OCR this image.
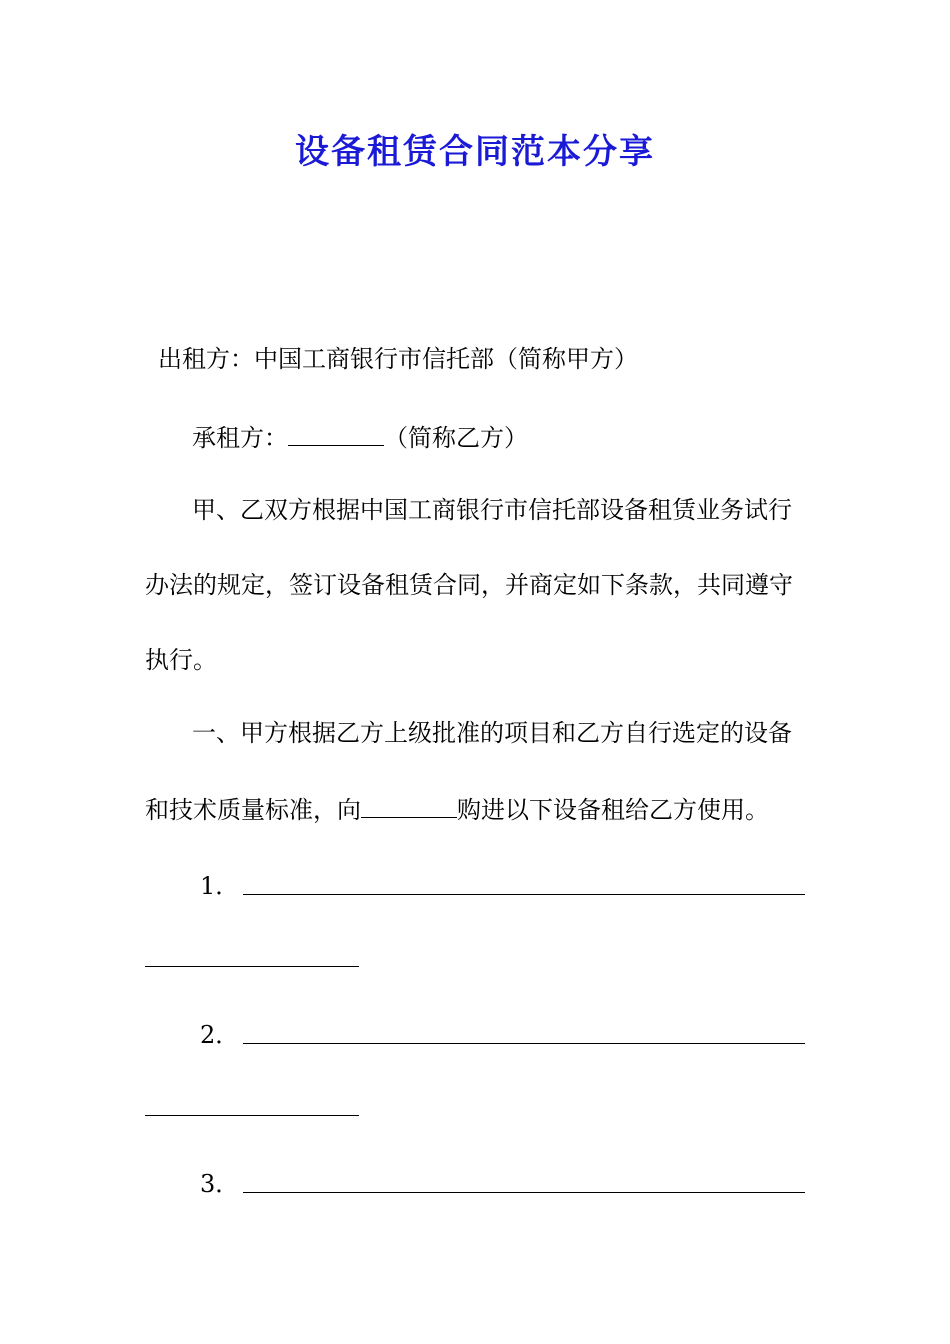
设备租赁合同范本分享
出租方：中国工商银行市信托部（简称甲方）
承租方：	（简称乙方）
甲、乙双方根据中国工商银行市信托部设备租赁业务试行
办法的规定，签订设备租赁合同，并商定如下条款，共同遵守
执行。
一、甲方根据乙方上级批准的项目和乙方自行选定的设备
和技术质量标准，向	购进以下设备租给乙方使用。
1．
2．
3．
